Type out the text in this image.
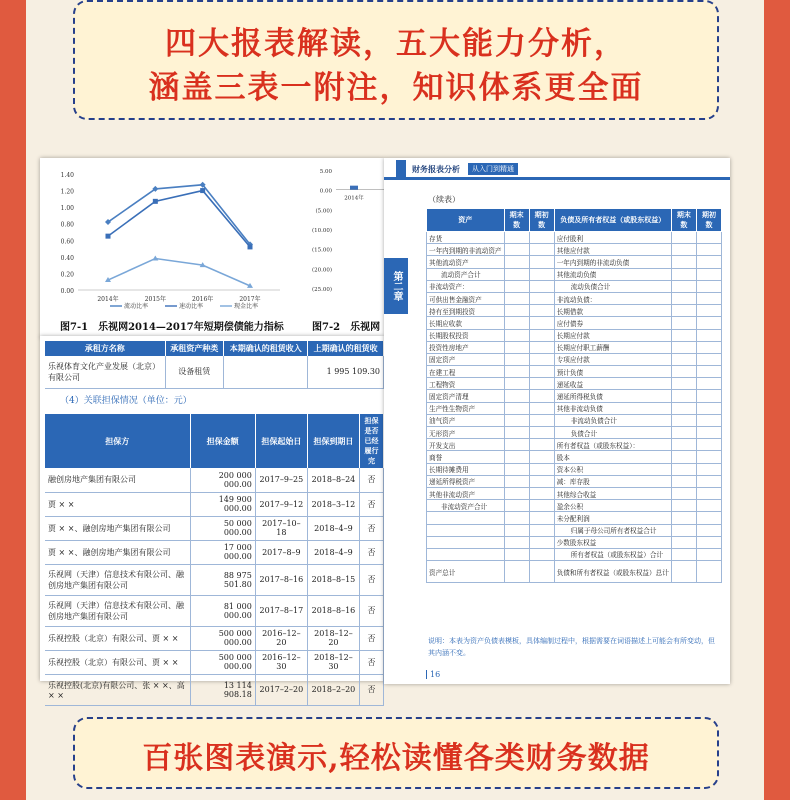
四大报表解读，五大能力分析，
涵盖三表一附注，知识体系更全面
0.00
0.20
0.40
0.60
0.80
1.00
1.20
1.40
2014年	2015年	2016年	2017年
流动比率	速动比率	现金比率
5.00
0.00
(5.00)
(10.00)
(15.00)
(20.00)
(25.00)
2014年
图7-1　乐视网2014—2017年短期偿债能力指标	图7-2　乐视网
承租方名称	承租资产种类	本期确认的租赁收入	上期确认的租赁收
乐视体育文化产业发展（北京）有限公司	设备租赁		1 995 109.30
（4）关联担保情况（单位：元）
担保方	担保金额	担保起始日	担保到期日	担保是否已经履行完
融创房地产集团有限公司	200 000 000.00	2017–9–25	2018–8–24	否
贾 × ×	149 900 000.00	2017–9–12	2018–3–12	否
贾 × ×、融创房地产集团有限公司	50 000 000.00	2017–10–18	2018–4–9	否
贾 × ×、融创房地产集团有限公司	17 000 000.00	2017–8–9	2018–4–9	否
乐视网（天津）信息技术有限公司、融创房地产集团有限公司	88 975 501.80	2017–8–16	2018–8–15	否
乐视网（天津）信息技术有限公司、融创房地产集团有限公司	81 000 000.00	2017–8–17	2018–8–16	否
乐视控股（北京）有限公司、贾 × ×	500 000 000.00	2016–12–20	2018–12–20	否
乐视控股（北京）有限公司、贾 × ×	500 000 000.00	2016–12–30	2018–12–30	否
乐视控股(北京)有限公司、张 × ×、高 × ×	13 114 908.18	2017–2–20	2018–2–20	否
财务报表分析	从入门到精通
第二章
（续表）
资产	期末数	期初数	负债及所有者权益（或股东权益）	期末数	期初数
存货			应付股利		
一年内到期的非流动资产			其他应付款		
其他流动资产			一年内到期的非流动负债		
流动资产合计			其他流动负债		
非流动资产：			流动负债合计		
可供出售金融资产			非流动负债：		
持有至到期投资			长期借款		
长期应收款			应付债券		
长期股权投资			长期应付款		
投资性房地产			长期应付职工薪酬		
固定资产			专项应付款		
在建工程			预计负债		
工程物资			递延收益		
固定资产清理			递延所得税负债		
生产性生物资产			其他非流动负债		
油气资产			非流动负债合计		
无形资产			负债合计		
开发支出			所有者权益（或股东权益）：		
商誉			股本		
长期待摊费用			资本公积		
递延所得税资产			减：库存股		
其他非流动资产			其他综合收益		
非流动资产合计			盈余公积		
			未分配利润		
			归属于母公司所有者权益合计		
			少数股东权益		
			所有者权益（或股东权益）合计		
资产总计			负债和所有者权益（或股东权益）总计		
说明：本表为资产负债表模板，具体编制过程中，根据需要在词语描述上可能会有所变动，但其内涵不变。
16
百张图表演示,轻松读懂各类财务数据
